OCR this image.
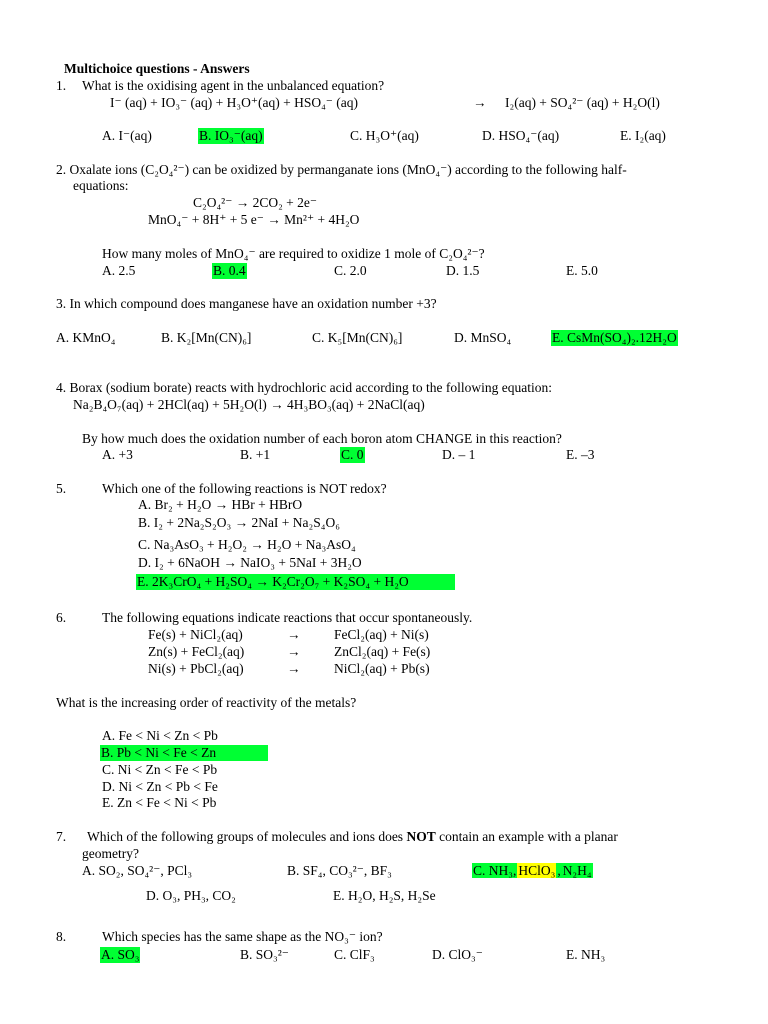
Multichoice questions - Answers
1. What is the oxidising agent in the unbalanced equation?
I⁻ (aq) + IO₃⁻ (aq) + H₃O⁺(aq) + HSO₄⁻ (aq)	→ I₂(aq) + SO₄²⁻ (aq) + H₂O(l)
A. I⁻(aq)	B. IO₃⁻(aq)	C. H₃O⁺(aq)	D. HSO₄⁻(aq)	E. I₂(aq)
2. Oxalate ions (C₂O₄²⁻) can be oxidized by permanganate ions (MnO₄⁻) according to the following half-
equations:
C₂O₄²⁻ → 2CO₂ + 2e⁻
MnO₄⁻ + 8H⁺ + 5 e⁻ → Mn²⁺ + 4H₂O
How many moles of MnO₄⁻ are required to oxidize 1 mole of C₂O₄²⁻?
A. 2.5	B. 0.4	C. 2.0	D. 1.5	E. 5.0
3. In which compound does manganese have an oxidation number +3?
A. KMnO₄	B. K₂[Mn(CN)₆]	C. K₅[Mn(CN)₆]	D. MnSO₄	E. CsMn(SO₄)₂.12H₂O
4. Borax (sodium borate) reacts with hydrochloric acid according to the following equation:
Na₂B₄O₇(aq) + 2HCl(aq) + 5H₂O(l) → 4H₃BO₃(aq) + 2NaCl(aq)
By how much does the oxidation number of each boron atom CHANGE in this reaction?
A. +3	B. +1	C. 0	D. – 1	E. –3
5.	Which one of the following reactions is NOT redox?
A. Br₂ + H₂O → HBr + HBrO
B. I₂ + 2Na₂S₂O₃ → 2NaI + Na₂S₄O₆
C. Na₃AsO₃ + H₂O₂ → H₂O + Na₃AsO₄
D. I₂ + 6NaOH → NaIO₃ + 5NaI + 3H₂O
E. 2K₃CrO₄ + H₂SO₄ → K₂Cr₂O₇ + K₂SO₄ + H₂O
6.	The following equations indicate reactions that occur spontaneously.
Fe(s) + NiCl₂(aq)	→ FeCl₂(aq) + Ni(s)
Zn(s) + FeCl₂(aq)	→ ZnCl₂(aq) + Fe(s)
Ni(s) + PbCl₂(aq)	→ NiCl₂(aq) + Pb(s)
What is the increasing order of reactivity of the metals?
A. Fe < Ni < Zn < Pb
B. Pb < Ni < Fe < Zn
C. Ni < Zn < Fe < Pb
D. Ni < Zn < Pb < Fe
E. Zn < Fe < Ni < Pb
7. Which of the following groups of molecules and ions does NOT contain an example with a planar
geometry?
A. SO₂, SO₄²⁻, PCl₃	B. SF₄, CO₃²⁻, BF₃	C. NH₃, HClO₃ , N₂H₄
D. O₃, PH₃, CO₂	E. H₂O, H₂S, H₂Se
8.	Which species has the same shape as the NO₃⁻ ion?
A. SO₃	B. SO₃²⁻	C. ClF₃	D. ClO₃⁻	E. NH₃
